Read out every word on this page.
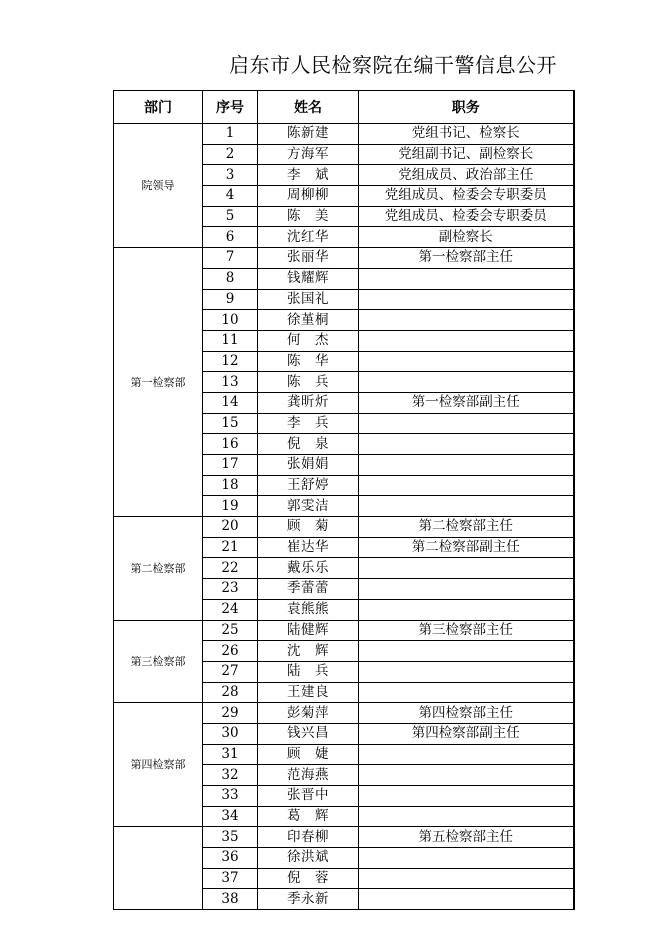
启东市人民检察院在编干警信息公开
部门	序号	姓名	职务
院领导	1	陈新建	党组书记、检察长
	2	方海军	党组副书记、副检察长
	3	李　斌	党组成员、政治部主任
	4	周柳柳	党组成员、检委会专职委员
	5	陈　美	党组成员、检委会专职委员
	6	沈红华	副检察长
第一检察部	7	张丽华	第一检察部主任
	8	钱耀辉	
	9	张国礼	
	10	徐堇桐	
	11	何　杰	
	12	陈　华	
	13	陈　兵	
	14	龚昕炘	第一检察部副主任
	15	李　兵	
	16	倪　泉	
	17	张娟娟	
	18	王舒婷	
	19	郭雯洁	
第二检察部	20	顾　菊	第二检察部主任
	21	崔达华	第二检察部副主任
	22	戴乐乐	
	23	季蕾蕾	
	24	袁熊熊	
第三检察部	25	陆健辉	第三检察部主任
	26	沈　辉	
	27	陆　兵	
	28	王建良	
第四检察部	29	彭菊萍	第四检察部主任
	30	钱兴昌	第四检察部副主任
	31	顾　婕	
	32	范海燕	
	33	张晋中	
	34	葛　辉	
	35	印春柳	第五检察部主任
	36	徐洪斌	
	37	倪　蓉	
	38	季永新	
